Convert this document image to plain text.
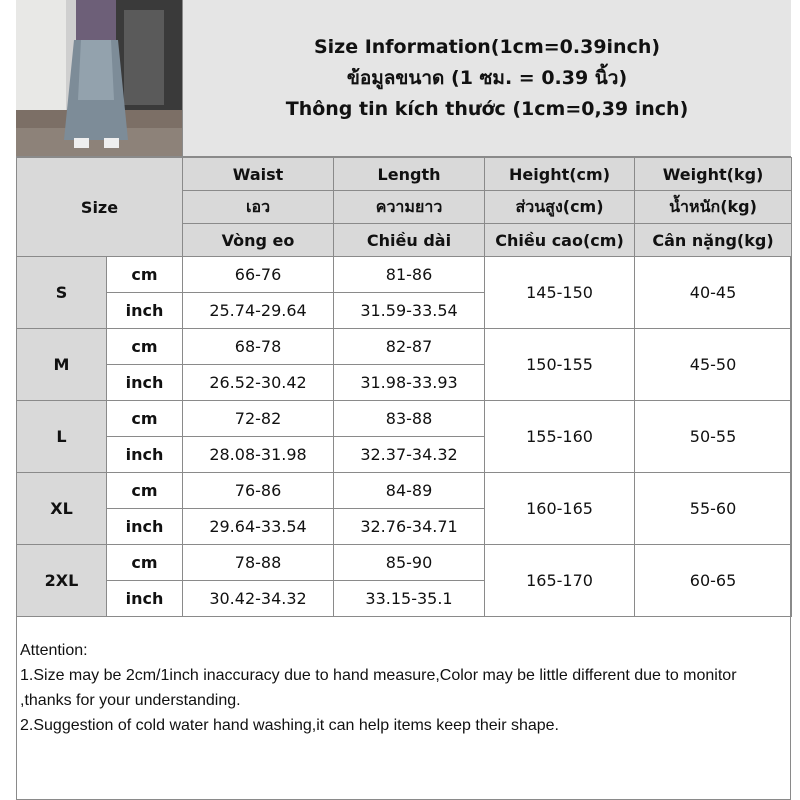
Size Information(1cm=0.39inch)
ข้อมูลขนาด (1 ซม. = 0.39 นิ้ว)
Thông tin kích thước (1cm=0,39 inch)
Size		Waist	Length	Height(cm)	Weight(kg)
		เอว	ความยาว	ส่วนสูง(cm)	น้ำหนัก(kg)
		Vòng eo	Chiều dài	Chiều cao(cm)	Cân nặng(kg)
S	cm	66-76	81-86	145-150	40-45
	inch	25.74-29.64	31.59-33.54		
M	cm	68-78	82-87	150-155	45-50
	inch	26.52-30.42	31.98-33.93		
L	cm	72-82	83-88	155-160	50-55
	inch	28.08-31.98	32.37-34.32		
XL	cm	76-86	84-89	160-165	55-60
	inch	29.64-33.54	32.76-34.71		
2XL	cm	78-88	85-90	165-170	60-65
	inch	30.42-34.32	33.15-35.1		
Attention:
1.Size may be 2cm/1inch inaccuracy due to hand measure,Color may be little different due to monitor ,thanks for your understanding.
2.Suggestion of cold water hand washing,it can help items keep their shape.
